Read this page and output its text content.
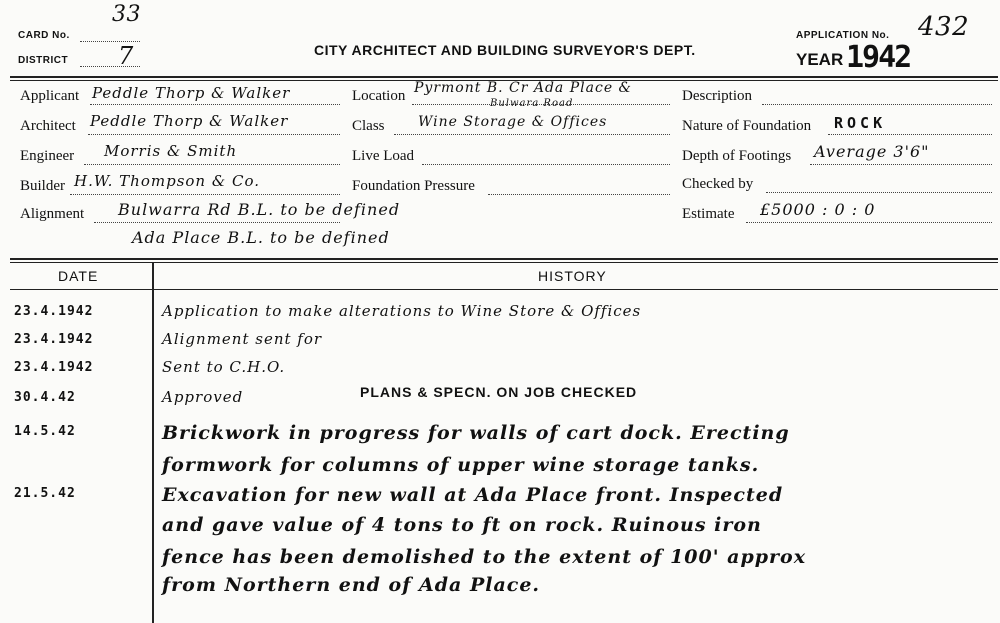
CARD No.
33
DISTRICT 7	CITY ARCHITECT AND BUILDING SURVEYOR'S DEPT.
APPLICATION No. 432
YEAR 1942
Applicant Peddle Thorp & Walker
Architect Peddle Thorp & Walker
Engineer Morris & Smith
Builder H.W. Thompson & Co.
Alignment Bulwarra Rd B.L. to be defined
Ada Place B.L. to be defined
Location Pyrmont B. Cr Ada Place &
Bulwara Road
Class Wine Storage & Offices
Live Load
Foundation Pressure
Description
Nature of Foundation ROCK
Depth of Footings Average 3'6"
Checked by
Estimate £5000 : 0 : 0
DATE	HISTORY
23.4.1942	Application to make alterations to Wine Store & Offices
23.4.1942	Alignment sent for
23.4.1942	Sent to C.H.O.
30.4.42	Approved
14.5.42	Brickwork in progress for walls of cart dock. Erecting
formwork for columns of upper wine storage tanks.
21.5.42	Excavation for new wall at Ada Place front. Inspected
and gave value of 4 tons to ft on rock. Ruinous iron
fence has been demolished to the extent of 100' approx
from Northern end of Ada Place.
PLANS & SPECN. ON JOB CHECKED
